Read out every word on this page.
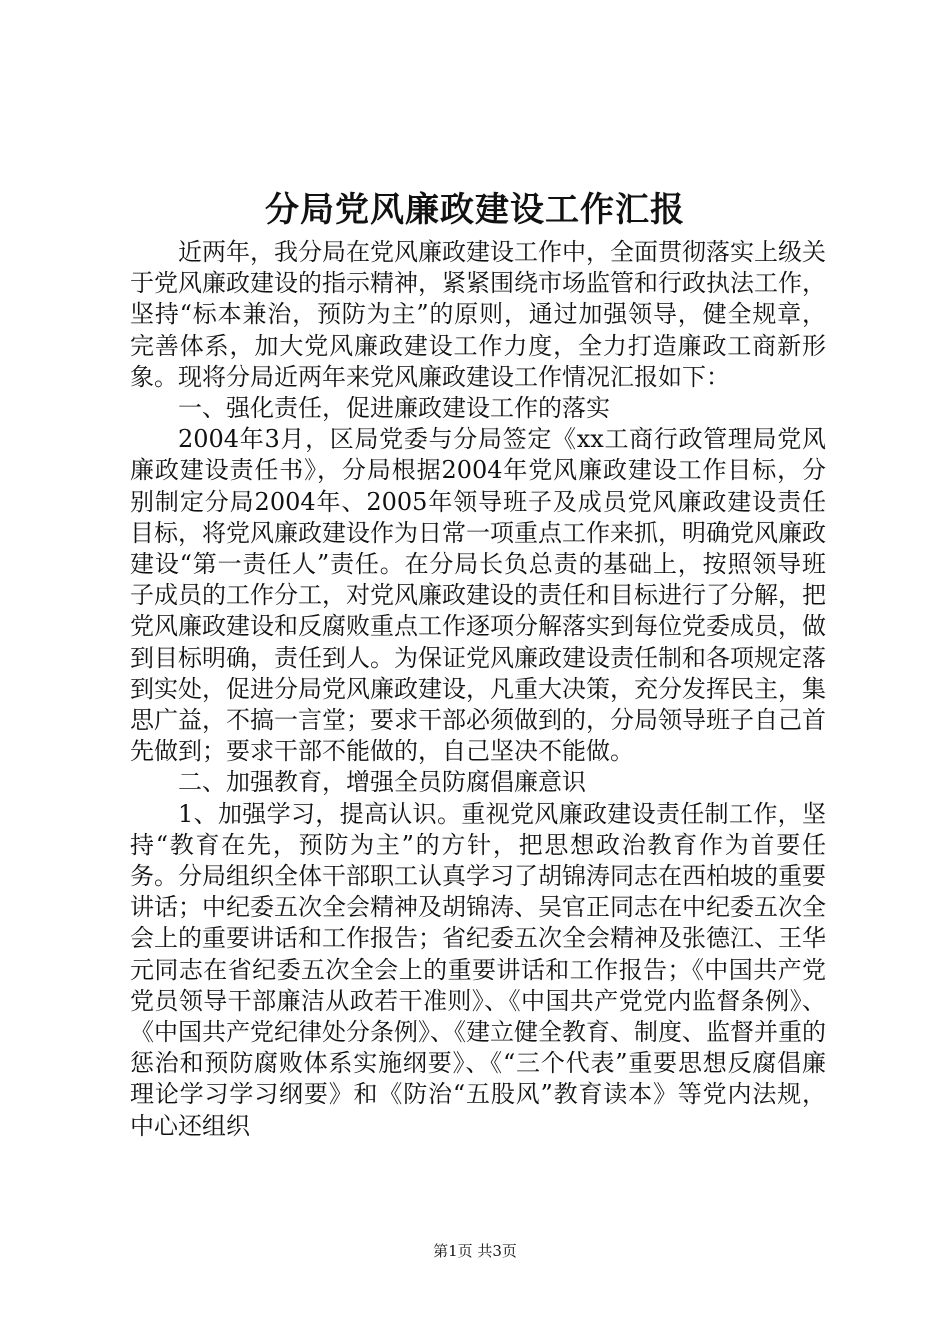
分局党风廉政建设工作汇报

近两年，我分局在党风廉政建设工作中，全面贯彻落实上级关于党风廉政建设的指示精神，紧紧围绕市场监管和行政执法工作，坚持“标本兼治，预防为主”的原则，通过加强领导，健全规章，完善体系，加大党风廉政建设工作力度，全力打造廉政工商新形象。现将分局近两年来党风廉政建设工作情况汇报如下：

一、强化责任，促进廉政建设工作的落实

2004年3月，区局党委与分局签定《xx工商行政管理局党风廉政建设责任书》，分局根据2004年党风廉政建设工作目标，分别制定分局2004年、2005年领导班子及成员党风廉政建设责任目标，将党风廉政建设作为日常一项重点工作来抓，明确党风廉政建设“第一责任人”责任。在分局长负总责的基础上，按照领导班子成员的工作分工，对党风廉政建设的责任和目标进行了分解，把党风廉政建设和反腐败重点工作逐项分解落实到每位党委成员，做到目标明确，责任到人。为保证党风廉政建设责任制和各项规定落到实处，促进分局党风廉政建设，凡重大决策，充分发挥民主，集思广益，不搞一言堂；要求干部必须做到的，分局领导班子自己首先做到；要求干部不能做的，自己坚决不能做。

二、加强教育，增强全员防腐倡廉意识

1、加强学习，提高认识。重视党风廉政建设责任制工作，坚持“教育在先，预防为主”的方针，把思想政治教育作为首要任务。分局组织全体干部职工认真学习了胡锦涛同志在西柏坡的重要讲话；中纪委五次全会精神及胡锦涛、吴官正同志在中纪委五次全会上的重要讲话和工作报告；省纪委五次全会精神及张德江、王华元同志在省纪委五次全会上的重要讲话和工作报告；《中国共产党党员领导干部廉洁从政若干准则》、《中国共产党党内监督条例》、《中国共产党纪律处分条例》、《建立健全教育、制度、监督并重的惩治和预防腐败体系实施纲要》、《“三个代表”重要思想反腐倡廉理论学习学习纲要》和《防治“五股风”教育读本》等党内法规，中心还组织

第1页 共3页
